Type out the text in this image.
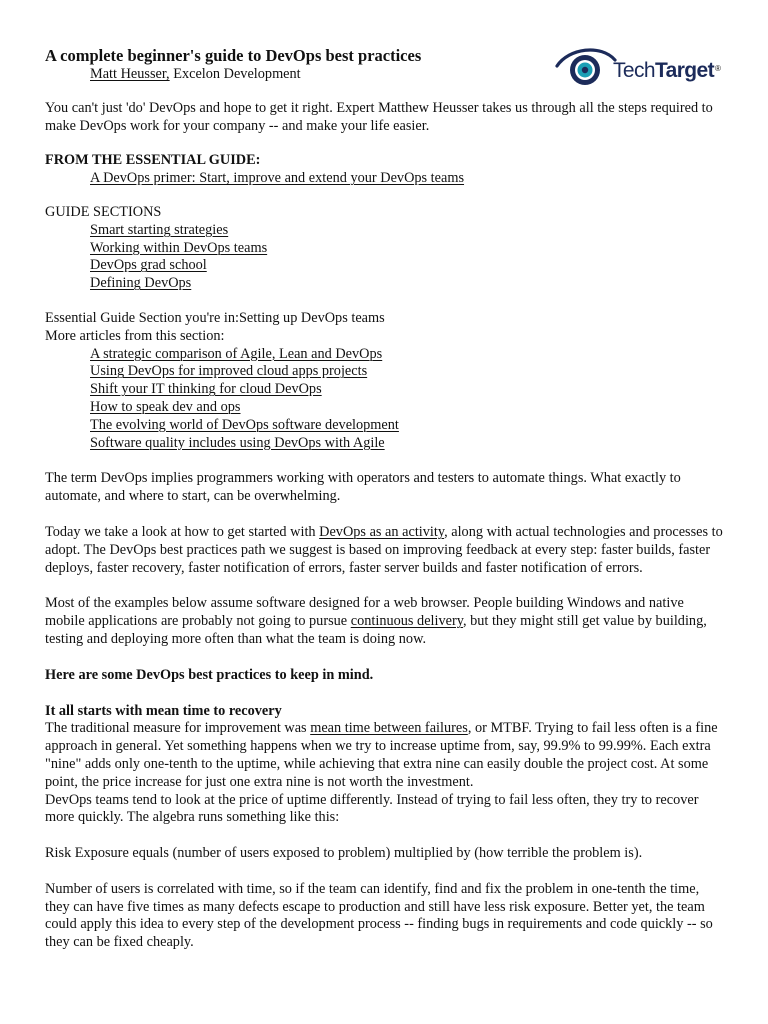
TechTarget®
A complete beginner's guide to DevOps best practices

Matt Heusser, Excelon Development

You can't just 'do' DevOps and hope to get it right. Expert Matthew Heusser takes us through all the steps required to make DevOps work for your company -- and make your life easier.

FROM THE ESSENTIAL GUIDE:

A DevOps primer: Start, improve and extend your DevOps teams

GUIDE SECTIONS

Smart starting strategies
Working within DevOps teams
DevOps grad school
Defining DevOps

Essential Guide Section you're in:Setting up DevOps teams

More articles from this section:

A strategic comparison of Agile, Lean and DevOps
Using DevOps for improved cloud apps projects
Shift your IT thinking for cloud DevOps
How to speak dev and ops
The evolving world of DevOps software development
Software quality includes using DevOps with Agile

The term DevOps implies programmers working with operators and testers to automate things. What exactly to automate, and where to start, can be overwhelming.

Today we take a look at how to get started with DevOps as an activity, along with actual technologies and processes to adopt. The DevOps best practices path we suggest is based on improving feedback at every step: faster builds, faster deploys, faster recovery, faster notification of errors, faster server builds and faster notification of errors.

Most of the examples below assume software designed for a web browser. People building Windows and native mobile applications are probably not going to pursue continuous delivery, but they might still get value by building, testing and deploying more often than what the team is doing now.

Here are some DevOps best practices to keep in mind.

It all starts with mean time to recovery

The traditional measure for improvement was mean time between failures, or MTBF. Trying to fail less often is a fine approach in general. Yet something happens when we try to increase uptime from, say, 99.9% to 99.99%. Each extra "nine" adds only one-tenth to the uptime, while achieving that extra nine can easily double the project cost. At some point, the price increase for just one extra nine is not worth the investment.

DevOps teams tend to look at the price of uptime differently. Instead of trying to fail less often, they try to recover more quickly. The algebra runs something like this:

Risk Exposure equals (number of users exposed to problem) multiplied by (how terrible the problem is).

Number of users is correlated with time, so if the team can identify, find and fix the problem in one-tenth the time, they can have five times as many defects escape to production and still have less risk exposure. Better yet, the team could apply this idea to every step of the development process -- finding bugs in requirements and code quickly -- so they can be fixed cheaply.
